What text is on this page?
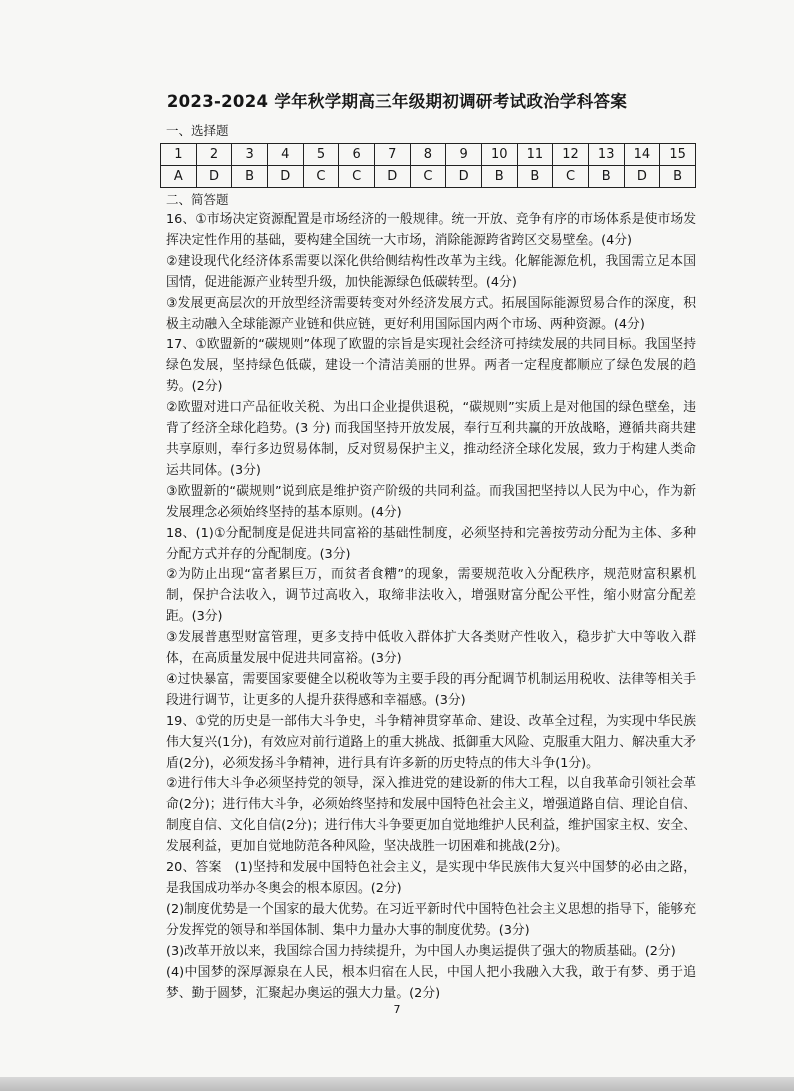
2023-2024 学年秋学期高三年级期初调研考试政治学科答案
一、选择题
1	2	3	4	5	6	7	8	9	10	11	12	13	14	15
A	D	B	D	C	C	D	C	D	B	B	C	B	D	B
二、简答题

16、①市场决定资源配置是市场经济的一般规律。统一开放、竞争有序的市场体系是使市场发挥决定性作用的基础，要构建全国统一大市场，消除能源跨省跨区交易壁垒。(4分)

②建设现代化经济体系需要以深化供给侧结构性改革为主线。化解能源危机，我国需立足本国国情，促进能源产业转型升级，加快能源绿色低碳转型。(4分)

③发展更高层次的开放型经济需要转变对外经济发展方式。拓展国际能源贸易合作的深度，积极主动融入全球能源产业链和供应链，更好利用国际国内两个市场、两种资源。(4分)

17、①欧盟新的“碳规则”体现了欧盟的宗旨是实现社会经济可持续发展的共同目标。我国坚持绿色发展，坚持绿色低碳，建设一个清洁美丽的世界。两者一定程度都顺应了绿色发展的趋势。(2分)

②欧盟对进口产品征收关税、为出口企业提供退税，“碳规则”实质上是对他国的绿色壁垒，违背了经济全球化趋势。(3 分) 而我国坚持开放发展，奉行互利共赢的开放战略，遵循共商共建共享原则，奉行多边贸易体制，反对贸易保护主义，推动经济全球化发展，致力于构建人类命运共同体。(3分)

③欧盟新的“碳规则”说到底是维护资产阶级的共同利益。而我国把坚持以人民为中心，作为新发展理念必须始终坚持的基本原则。(4分)

18、(1)①分配制度是促进共同富裕的基础性制度，必须坚持和完善按劳动分配为主体、多种分配方式并存的分配制度。(3分)

②为防止出现“富者累巨万，而贫者食糟”的现象，需要规范收入分配秩序，规范财富积累机制，保护合法收入，调节过高收入，取缔非法收入，增强财富分配公平性，缩小财富分配差距。(3分)

③发展普惠型财富管理，更多支持中低收入群体扩大各类财产性收入，稳步扩大中等收入群体，在高质量发展中促进共同富裕。(3分)

④过快暴富，需要国家要健全以税收等为主要手段的再分配调节机制运用税收、法律等相关手段进行调节，让更多的人提升获得感和幸福感。(3分)

19、①党的历史是一部伟大斗争史，斗争精神贯穿革命、建设、改革全过程，为实现中华民族伟大复兴(1分)，有效应对前行道路上的重大挑战、抵御重大风险、克服重大阻力、解决重大矛盾(2分)，必须发扬斗争精神，进行具有许多新的历史特点的伟大斗争(1分)。

②进行伟大斗争必须坚持党的领导，深入推进党的建设新的伟大工程，以自我革命引领社会革命(2分)；进行伟大斗争，必须始终坚持和发展中国特色社会主义，增强道路自信、理论自信、制度自信、文化自信(2分)；进行伟大斗争要更加自觉地维护人民利益，维护国家主权、安全、发展利益，更加自觉地防范各种风险，坚决战胜一切困难和挑战(2分)。

20、答案　(1)坚持和发展中国特色社会主义，是实现中华民族伟大复兴中国梦的必由之路，是我国成功举办冬奥会的根本原因。(2分)

(2)制度优势是一个国家的最大优势。在习近平新时代中国特色社会主义思想的指导下，能够充分发挥党的领导和举国体制、集中力量办大事的制度优势。(3分)

(3)改革开放以来，我国综合国力持续提升，为中国人办奥运提供了强大的物质基础。(2分)

(4)中国梦的深厚源泉在人民，根本归宿在人民，中国人把小我融入大我，敢于有梦、勇于追梦、勤于圆梦，汇聚起办奥运的强大力量。(2分)

7
